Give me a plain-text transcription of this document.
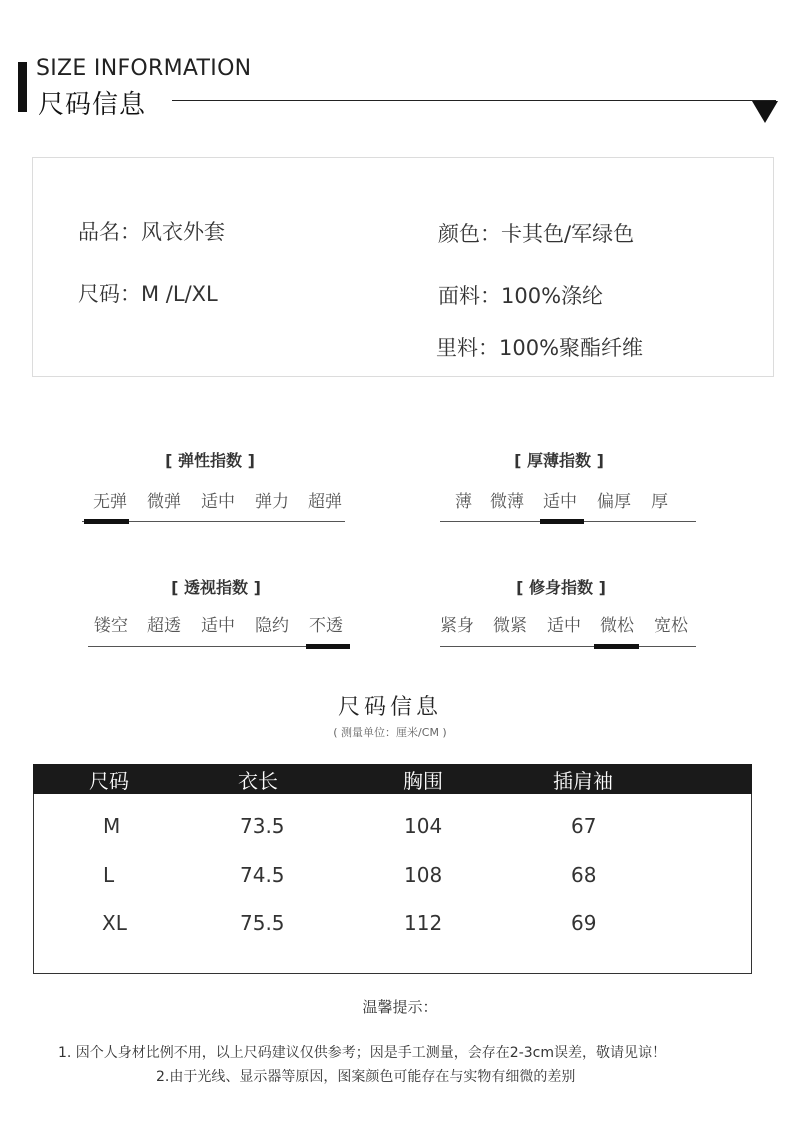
SIZE INFORMATION
尺码信息
品名：风衣外套	颜色：卡其色/军绿色
尺码：M /L/XL	面料：100%涤纶
里料：100%聚酯纤维
[ 弹性指数 ]
无弹 微弹 适中 弹力 超弹
[ 厚薄指数 ]
薄 微薄 适中 偏厚 厚
[ 透视指数 ]
镂空 超透 适中 隐约 不透
[ 修身指数 ]
紧身 微紧 适中 微松 宽松
尺码信息
( 测量单位：厘米/CM )
尺码	衣长	胸围	插肩袖
M	73.5	104	67
L	74.5	108	68
XL	75.5	112	69
温馨提示：
1. 因个人身材比例不用，以上尺码建议仅供参考；因是手工测量，会存在2-3cm误差，敬请见谅！
2.由于光线、显示器等原因，图案颜色可能存在与实物有细微的差别
